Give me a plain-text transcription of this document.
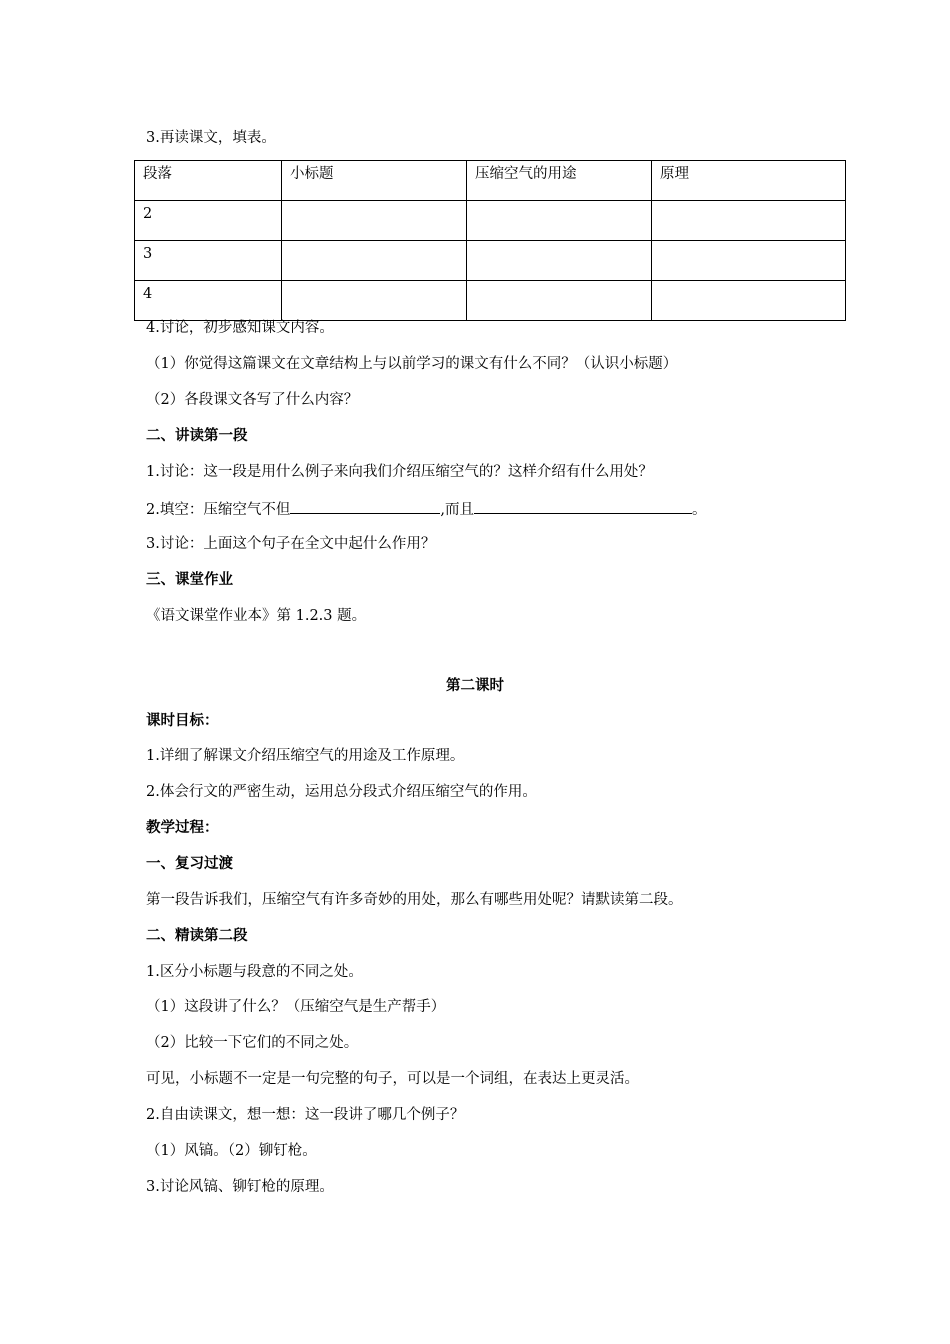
3.再读课文，填表。
段落	小标题	压缩空气的用途	原理
2			
3			
4			
4.讨论，初步感知课文内容。
（1）你觉得这篇课文在文章结构上与以前学习的课文有什么不同？（认识小标题）
（2）各段课文各写了什么内容？
二、讲读第一段
1.讨论：这一段是用什么例子来向我们介绍压缩空气的？这样介绍有什么用处？
2.填空：压缩空气不但	,而且	。
3.讨论：上面这个句子在全文中起什么作用？
三、课堂作业
《语文课堂作业本》第 1.2.3 题。
第二课时
课时目标：
1.详细了解课文介绍压缩空气的用途及工作原理。
2.体会行文的严密生动，运用总分段式介绍压缩空气的作用。
教学过程：
一、复习过渡
第一段告诉我们，压缩空气有许多奇妙的用处，那么有哪些用处呢？请默读第二段。
二、精读第二段
1.区分小标题与段意的不同之处。
（1）这段讲了什么？（压缩空气是生产帮手）
（2）比较一下它们的不同之处。
可见，小标题不一定是一句完整的句子，可以是一个词组，在表达上更灵活。
2.自由读课文，想一想：这一段讲了哪几个例子？
（1）风镐。（2）铆钉枪。
3.讨论风镐、铆钉枪的原理。
